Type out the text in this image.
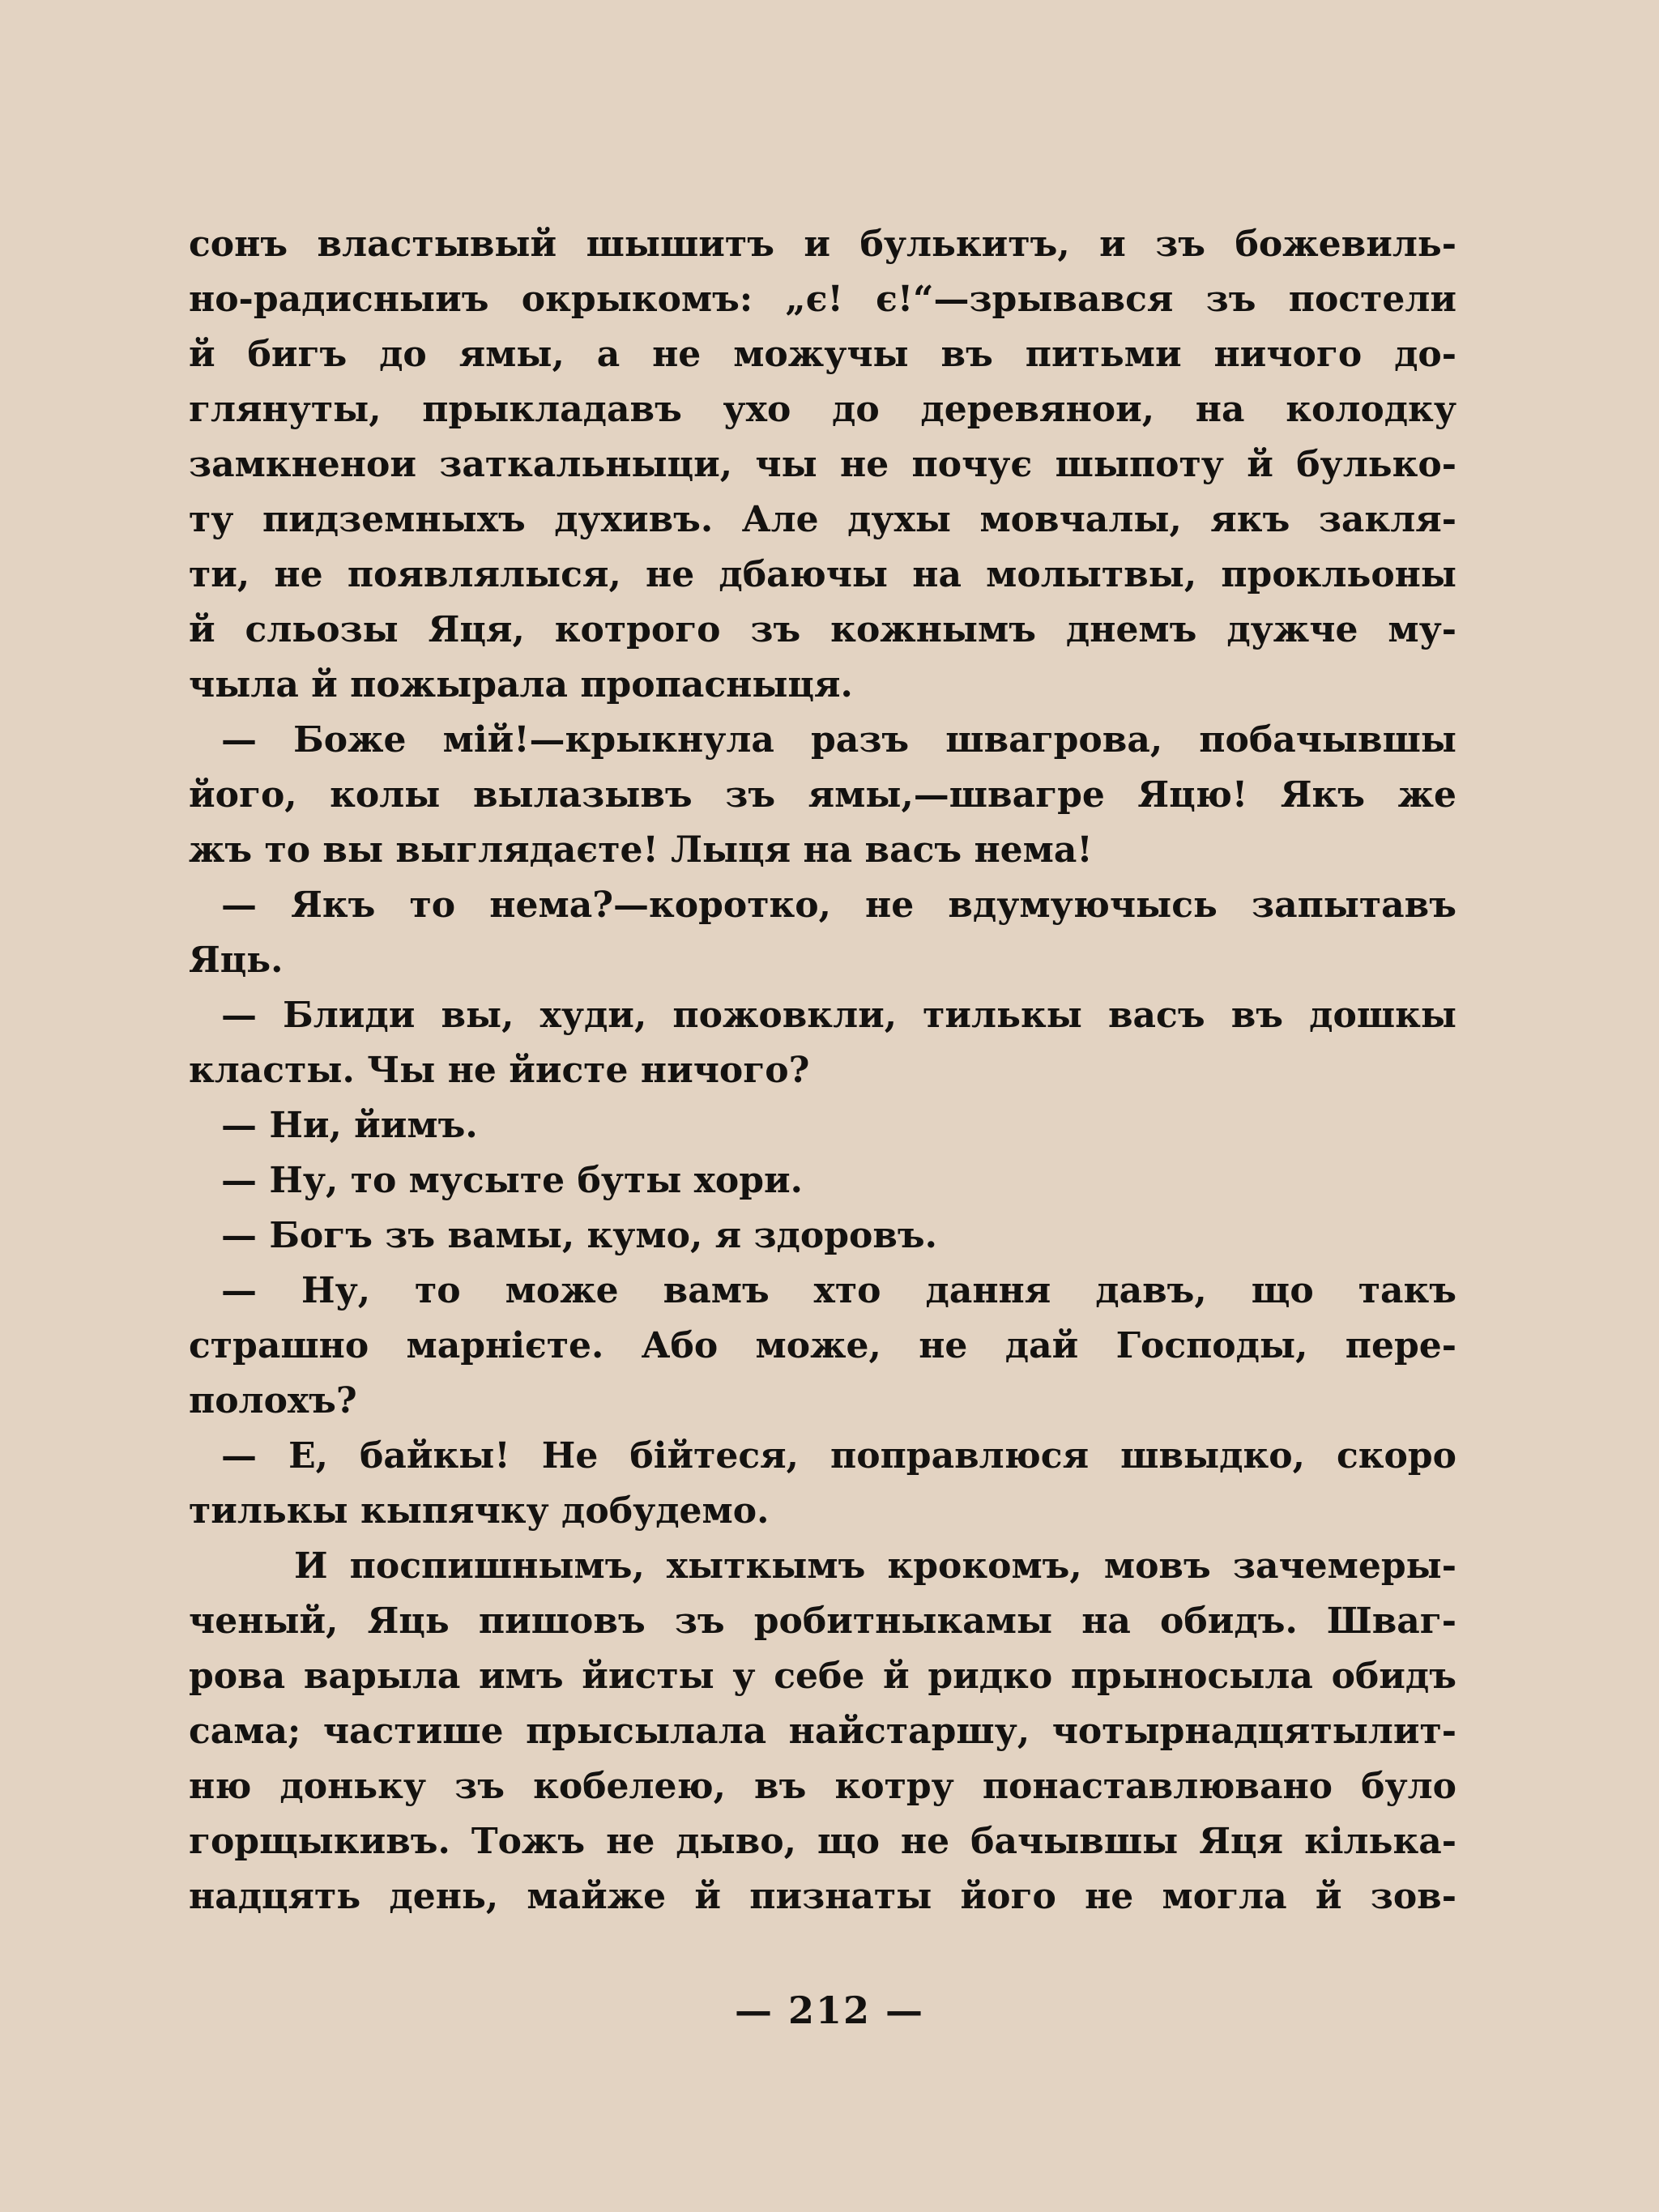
сонъ властывый шышитъ и булькитъ, и зъ божевиль-
но-радисныиъ окрыкомъ: „є! є!“—зрывався зъ постели
й бигъ до ямы, а не можучы въ питьми ничого до-
глянуты, прыкладавъ ухо до деревянои, на колодку
замкненои заткальныци, чы не почує шыпоту й булько-
ту пидземныхъ духивъ. Але духы мовчалы, якъ закля-
ти, не появлялыся, не дбаючы на молытвы, прокльоны
й сльозы Яця, котрого зъ кожнымъ днемъ дужче му-
чыла й пожырала пропасныця.
— Боже мій!—крыкнула разъ швагрова, побачывшы
його, колы вылазывъ зъ ямы,—швагре Яцю! Якъ же
жъ то вы выглядаєте! Лыця на васъ нема!
— Якъ то нема?—коротко, не вдумуючысь запытавъ
Яць.
— Блиди вы, худи, пожовкли, тилькы васъ въ дошкы
класты. Чы не йисте ничого?
— Ни, йимъ.
— Ну, то мусыте буты хори.
— Богъ зъ вамы, кумо, я здоровъ.
— Ну, то може вамъ хто дання давъ, що такъ
страшно марнієте. Або може, не дай Господы, пере-
полохъ?
— Е, байкы! Не бійтеся, поправлюся швыдко, скоро
тилькы кыпячку добудемо.
И поспишнымъ, хыткымъ крокомъ, мовъ зачемеры-
ченый, Яць пишовъ зъ робитныкамы на обидъ. Шваг-
рова варыла имъ йисты у себе й ридко прыносыла обидъ
сама; частише прысылала найстаршу, чотырнадцятылит-
ню доньку зъ кобелею, въ котру понаставлювано було
горщыкивъ. Тожъ не дыво, що не бачывшы Яця кілька-
надцять день, майже й пизнаты його не могла й зов-
— 212 —
